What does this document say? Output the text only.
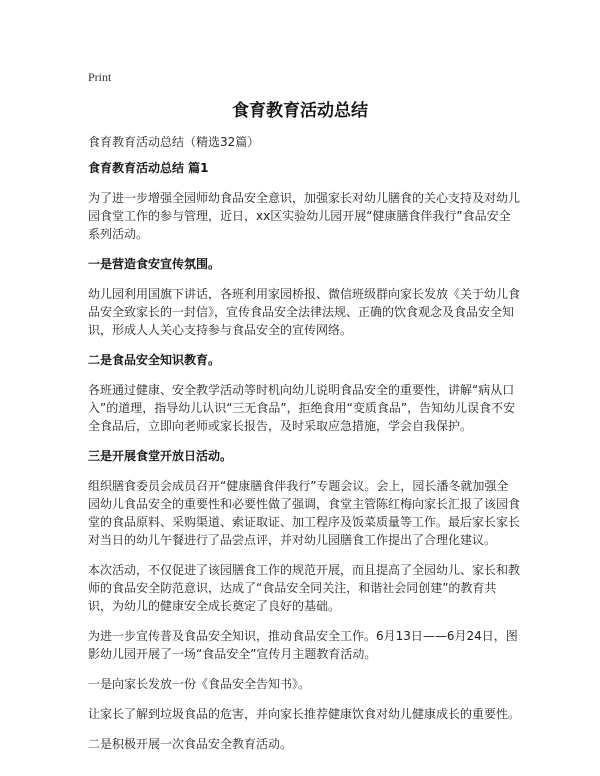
Print
食育教育活动总结

食育教育活动总结（精选32篇）

食育教育活动总结 篇1

为了进一步增强全园师幼食品安全意识，加强家长对幼儿膳食的关心支持及对幼儿园食堂工作的参与管理，近日，xx区实验幼儿园开展“健康膳食伴我行”食品安全系列活动。

一是营造食安宣传氛围。

幼儿园利用国旗下讲话，各班利用家园桥报、微信班级群向家长发放《关于幼儿食品安全致家长的一封信》，宣传食品安全法律法规、正确的饮食观念及食品安全知识，形成人人关心支持参与食品安全的宣传网络。

二是食品安全知识教育。

各班通过健康、安全教学活动等时机向幼儿说明食品安全的重要性，讲解“病从口入”的道理，指导幼儿认识“三无食品”，拒绝食用“变质食品”，告知幼儿误食不安全食品后，立即向老师或家长报告，及时采取应急措施，学会自我保护。

三是开展食堂开放日活动。

组织膳食委员会成员召开“健康膳食伴我行”专题会议。会上，园长潘冬就加强全园幼儿食品安全的重要性和必要性做了强调，食堂主管陈红梅向家长汇报了该园食堂的食品原料、采购渠道、索证取证、加工程序及饭菜质量等工作。最后家长家长对当日的幼儿午餐进行了品尝点评，并对幼儿园膳食工作提出了合理化建议。

本次活动，不仅促进了该园膳食工作的规范开展，而且提高了全园幼儿、家长和教师的食品安全防范意识，达成了“食品安全同关注，和谐社会同创建”的教育共识，为幼儿的健康安全成长奠定了良好的基础。

为进一步宣传普及食品安全知识，推动食品安全工作。6月13日——6月24日，图影幼儿园开展了一场“食品安全”宣传月主题教育活动。

一是向家长发放一份《食品安全告知书》。

让家长了解到垃圾食品的危害，并向家长推荐健康饮食对幼儿健康成长的重要性。

二是积极开展一次食品安全教育活动。
